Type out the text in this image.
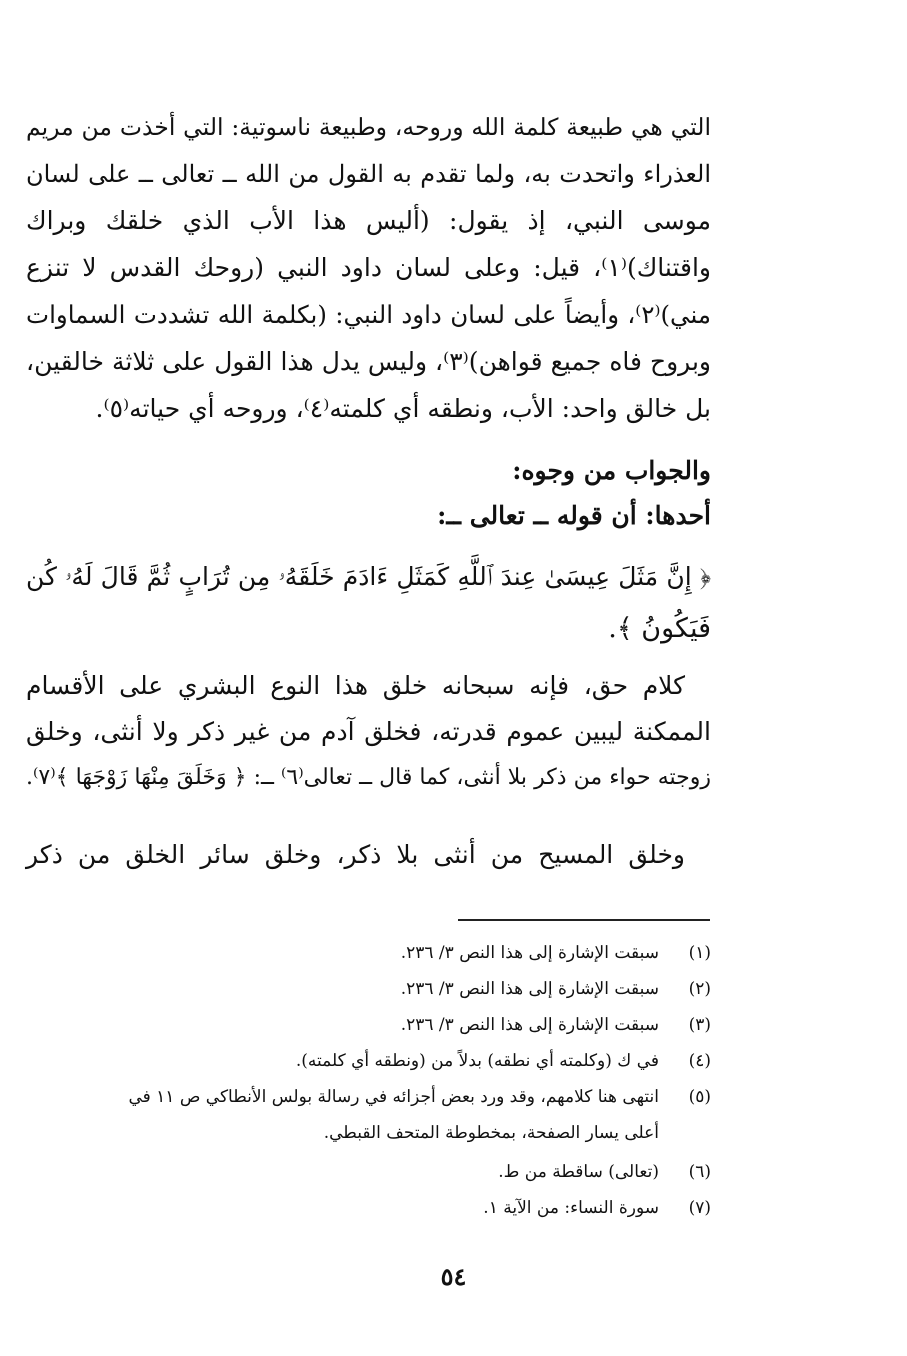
التي هي طبيعة كلمة الله وروحه، وطبيعة ناسوتية: التي أخذت من مريم
العذراء واتحدت به، ولما تقدم به القول من الله ــ تعالى ــ على لسان
موسى النبي، إذ يقول: (أليس هذا الأب الذي خلقك وبراك
واقتناك)⁽١⁾، قيل: وعلى لسان داود النبي (روحك القدس لا تنزع
مني)⁽٢⁾، وأيضاً على لسان داود النبي: (بكلمة الله تشددت السماوات
وبروح فاه جميع قواهن)⁽٣⁾، وليس يدل هذا القول على ثلاثة خالقين،
بل خالق واحد: الأب، ونطقه أي كلمته⁽٤⁾، وروحه أي حياته⁽٥⁾.
والجواب من وجوه:
أحدها: أن قوله ــ تعالى ــ:
﴿ إِنَّ مَثَلَ عِيسَىٰ عِندَ ٱللَّهِ كَمَثَلِ ءَادَمَ خَلَقَهُۥ مِن تُرَابٍ ثُمَّ قَالَ لَهُۥ كُن
فَيَكُونُ ﴾.
كلام حق، فإنه سبحانه خلق هذا النوع البشري على الأقسام
الممكنة ليبين عموم قدرته، فخلق آدم من غير ذكر ولا أنثى، وخلق
زوجته حواء من ذكر بلا أنثى، كما قال ــ تعالى⁽٦⁾ ــ: ﴿ وَخَلَقَ مِنْهَا زَوْجَهَا ﴾⁽٧⁾.
وخلق المسيح من أنثى بلا ذكر، وخلق سائر الخلق من ذكر
(١)
سبقت الإشارة إلى هذا النص ٣/ ٢٣٦.
(٢)
سبقت الإشارة إلى هذا النص ٣/ ٢٣٦.
(٣)
سبقت الإشارة إلى هذا النص ٣/ ٢٣٦.
(٤)
في ك (وكلمته أي نطقه) بدلاً من (ونطقه أي كلمته).
(٥)
انتهى هنا كلامهم، وقد ورد بعض أجزائه في رسالة بولس الأنطاكي ص ١١ في
أعلى يسار الصفحة، بمخطوطة المتحف القبطي.
(٦)
(تعالى) ساقطة من ط.
(٧)
سورة النساء: من الآية ١.
٥٤
